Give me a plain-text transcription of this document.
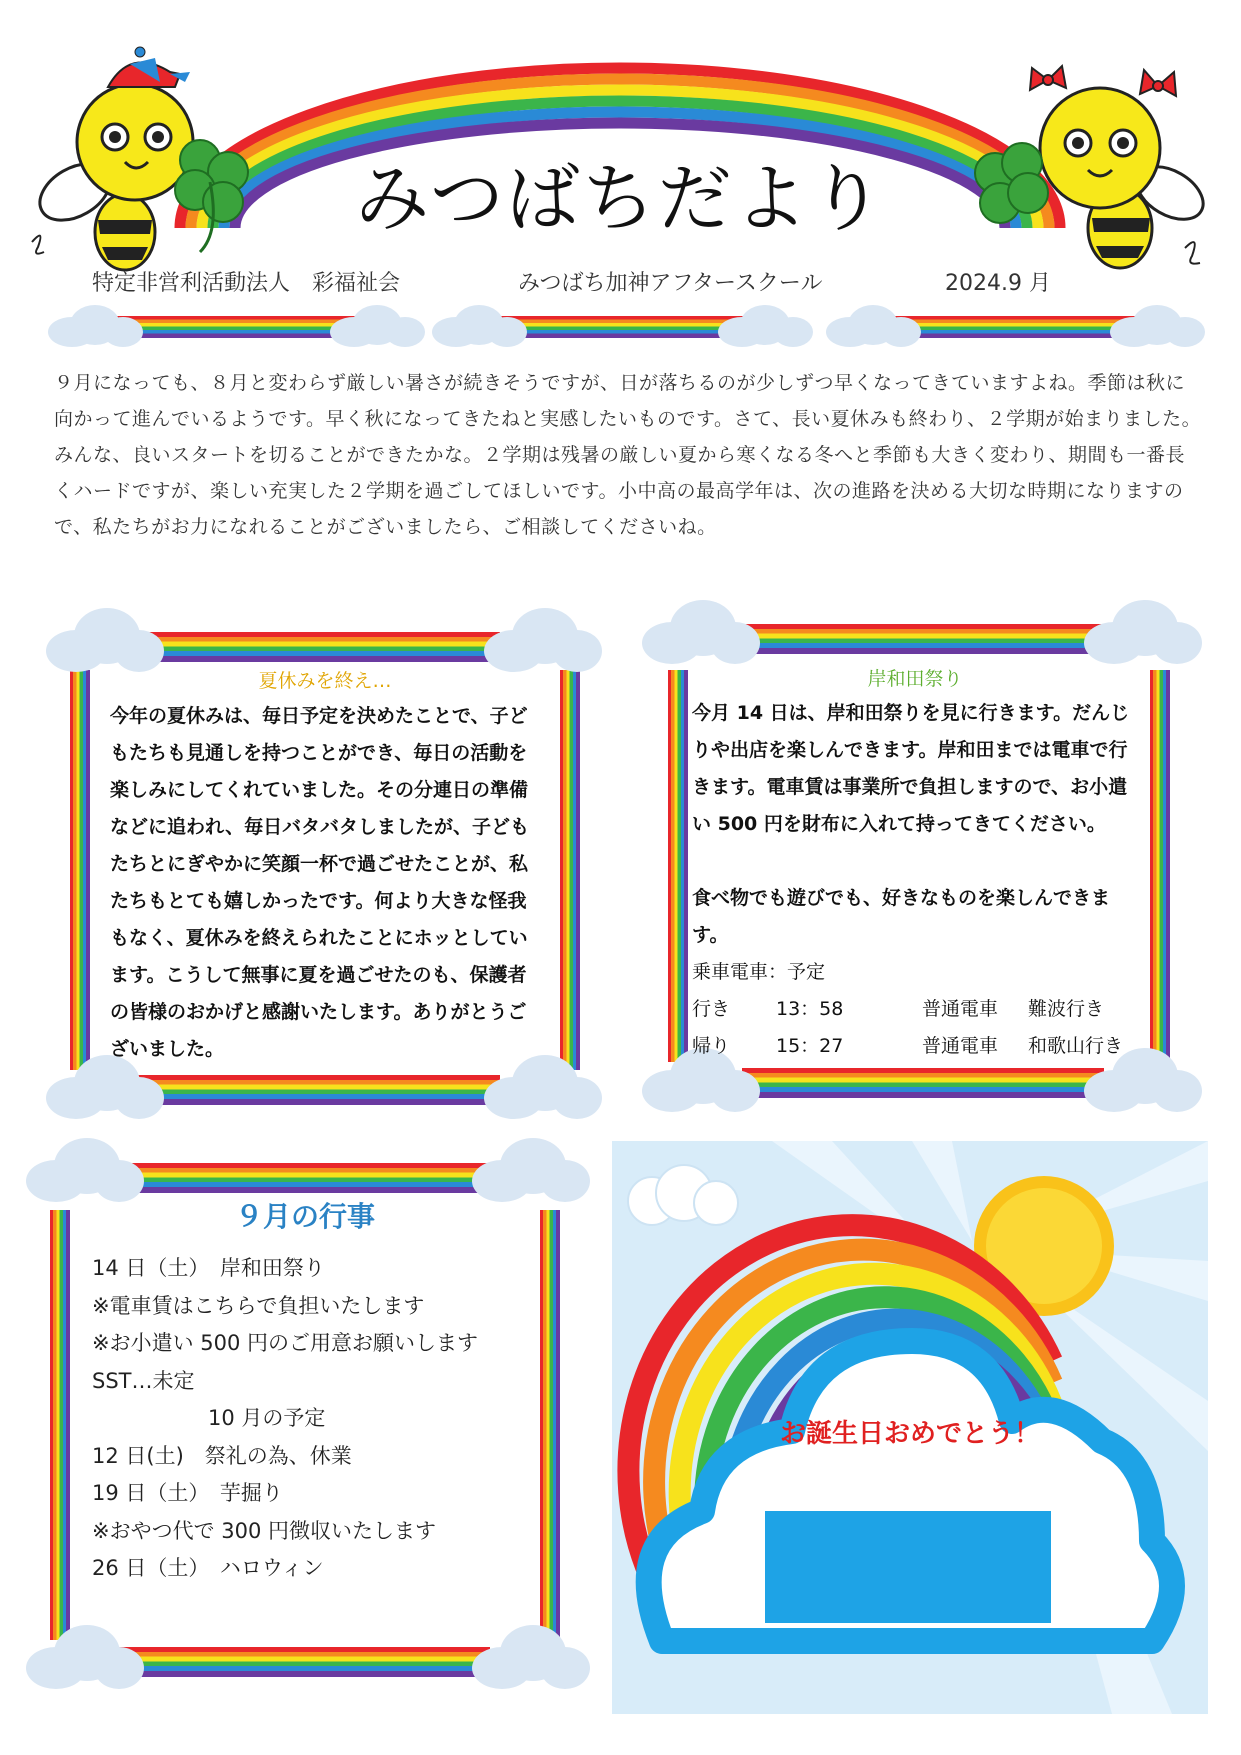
みつばちだより
特定非営利活動法人　彩福祉会	みつばち加神アフタースクール	2024.9 月
９月になっても、８月と変わらず厳しい暑さが続きそうですが、日が落ちるのが少しずつ早くなってきていますよね。季節は秋に向かって進んでいるようです。早く秋になってきたねと実感したいものです。さて、長い夏休みも終わり、２学期が始まりました。みんな、良いスタートを切ることができたかな。２学期は残暑の厳しい夏から寒くなる冬へと季節も大きく変わり、期間も一番長くハードですが、楽しい充実した２学期を過ごしてほしいです。小中高の最高学年は、次の進路を決める大切な時期になりますので、私たちがお力になれることがございましたら、ご相談してくださいね。
夏休みを終え…
今年の夏休みは、毎日予定を決めたことで、子どもたちも見通しを持つことができ、毎日の活動を楽しみにしてくれていました。その分連日の準備などに追われ、毎日バタバタしましたが、子どもたちとにぎやかに笑顔一杯で過ごせたことが、私たちもとても嬉しかったです。何より大きな怪我もなく、夏休みを終えられたことにホッとしています。こうして無事に夏を過ごせたのも、保護者の皆様のおかげと感謝いたします。ありがとうございました。
岸和田祭り
今月 14 日は、岸和田祭りを見に行きます。だんじりや出店を楽しんできます。岸和田までは電車で行きます。電車賃は事業所で負担しますので、お小遣い 500 円を財布に入れて持ってきてください。
食べ物でも遊びでも、好きなものを楽しんできます。
乗車電車：予定
行き 13：58	普通電車 難波行き
帰り 15：27	普通電車 和歌山行き
９月の行事
14 日（土）　岸和田祭り
※電車賃はこちらで負担いたします
※お小遣い 500 円のご用意お願いします
SST…未定
10 月の予定
12 日(土)　祭礼の為、休業
19 日（土）　芋掘り
※おやつ代で 300 円徴収いたします
26 日（土）　ハロウィン
お誕生日おめでとう！
